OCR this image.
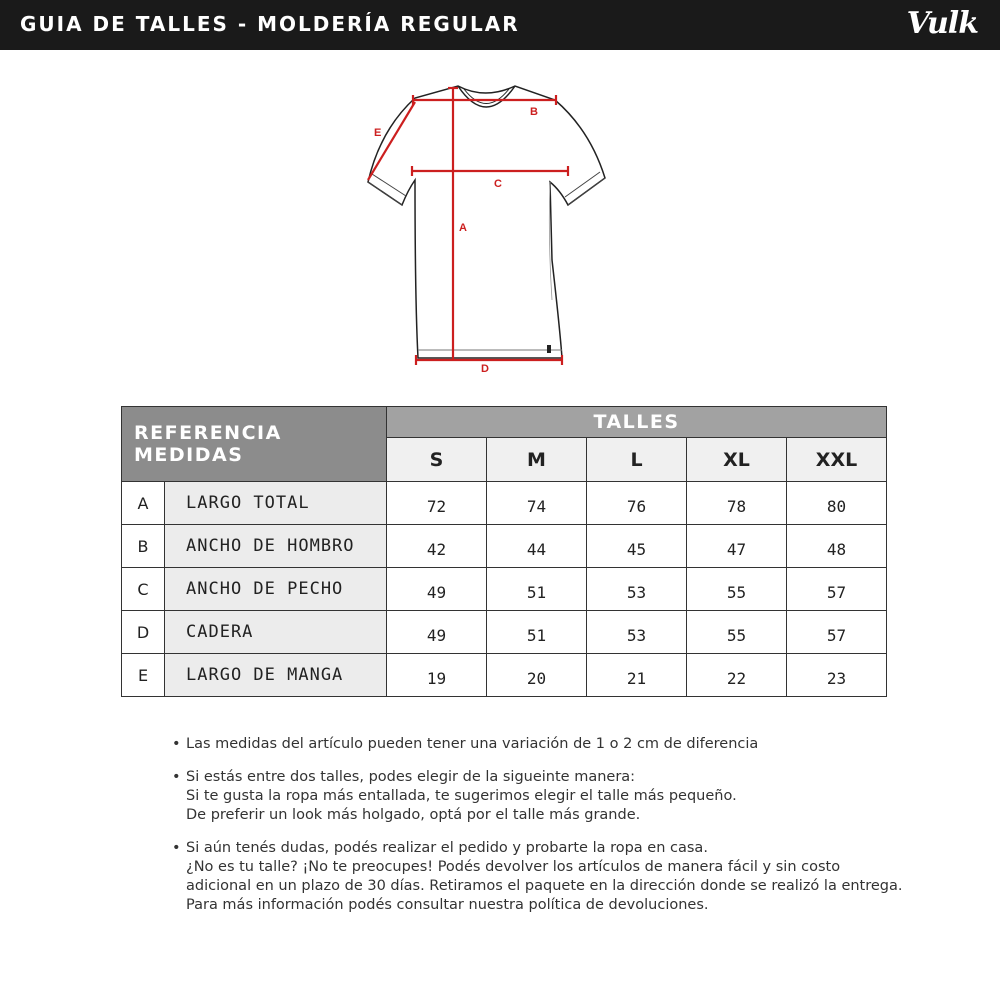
GUIA DE TALLES - MOLDERÍA REGULAR	Vulk
A
B
C
D
E
REFERENCIA MEDIDAS		TALLES				
		S	M	L	XL	XXL
A	LARGO TOTAL	72	74	76	78	80
B	ANCHO DE HOMBRO	42	44	45	47	48
C	ANCHO DE PECHO	49	51	53	55	57
D	CADERA	49	51	53	55	57
E	LARGO DE MANGA	19	20	21	22	23
• Las medidas del artículo pueden tener una variación de 1 o 2 cm de diferencia
• Si estás entre dos talles, podes elegir de la sigueinte manera:
Si te gusta la ropa más entallada, te sugerimos elegir el talle más pequeño.
De preferir un look más holgado, optá por el talle más grande.
• Si aún tenés dudas, podés realizar el pedido y probarte la ropa en casa.
¿No es tu talle? ¡No te preocupes! Podés devolver los artículos de manera fácil y sin costo
adicional en un plazo de 30 días. Retiramos el paquete en la dirección donde se realizó la entrega.
Para más información podés consultar nuestra política de devoluciones.
